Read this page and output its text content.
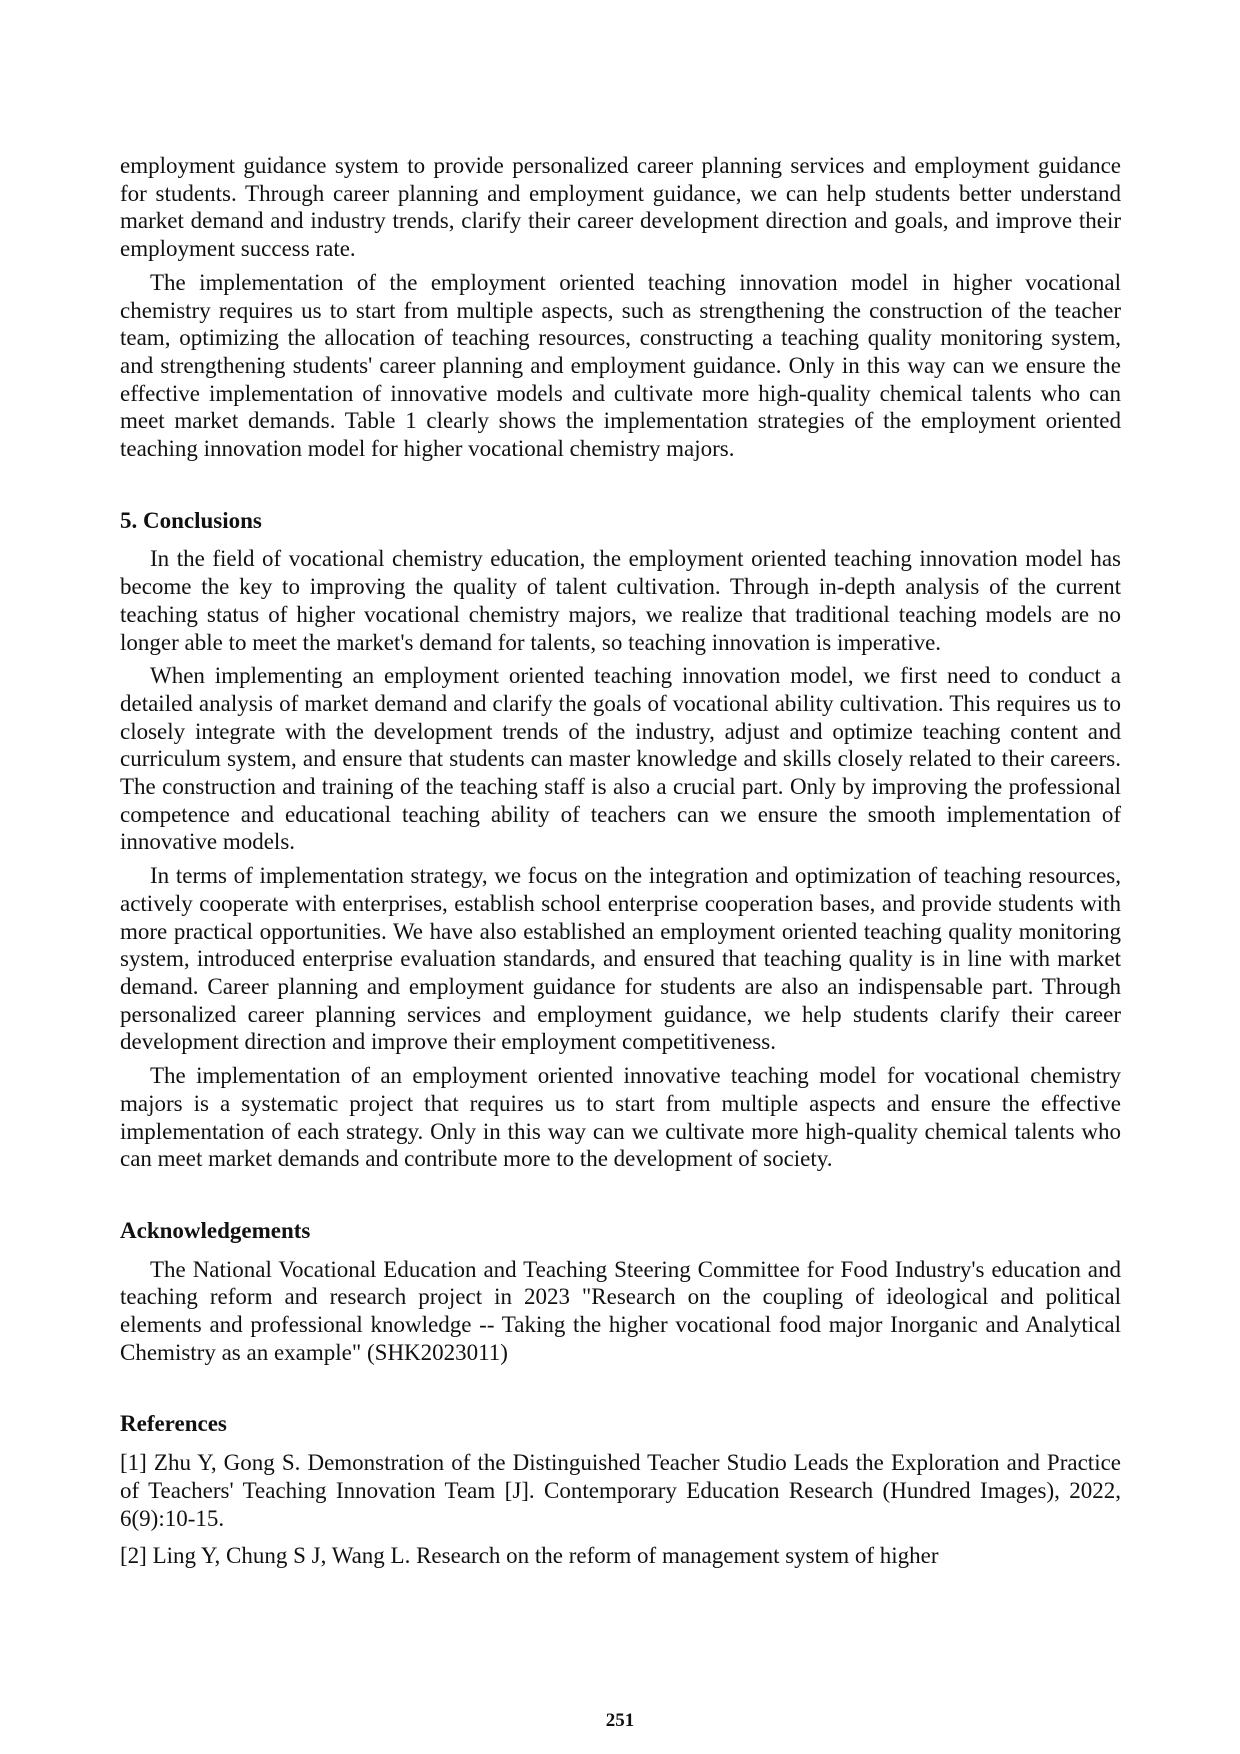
employment guidance system to provide personalized career planning services and employment guidance for students. Through career planning and employment guidance, we can help students better understand market demand and industry trends, clarify their career development direction and goals, and improve their employment success rate.

The implementation of the employment oriented teaching innovation model in higher vocational chemistry requires us to start from multiple aspects, such as strengthening the construction of the teacher team, optimizing the allocation of teaching resources, constructing a teaching quality monitoring system, and strengthening students' career planning and employment guidance. Only in this way can we ensure the effective implementation of innovative models and cultivate more high-quality chemical talents who can meet market demands. Table 1 clearly shows the implementation strategies of the employment oriented teaching innovation model for higher vocational chemistry majors.

5. Conclusions

In the field of vocational chemistry education, the employment oriented teaching innovation model has become the key to improving the quality of talent cultivation. Through in-depth analysis of the current teaching status of higher vocational chemistry majors, we realize that traditional teaching models are no longer able to meet the market's demand for talents, so teaching innovation is imperative.

When implementing an employment oriented teaching innovation model, we first need to conduct a detailed analysis of market demand and clarify the goals of vocational ability cultivation. This requires us to closely integrate with the development trends of the industry, adjust and optimize teaching content and curriculum system, and ensure that students can master knowledge and skills closely related to their careers. The construction and training of the teaching staff is also a crucial part. Only by improving the professional competence and educational teaching ability of teachers can we ensure the smooth implementation of innovative models.

In terms of implementation strategy, we focus on the integration and optimization of teaching resources, actively cooperate with enterprises, establish school enterprise cooperation bases, and provide students with more practical opportunities. We have also established an employment oriented teaching quality monitoring system, introduced enterprise evaluation standards, and ensured that teaching quality is in line with market demand. Career planning and employment guidance for students are also an indispensable part. Through personalized career planning services and employment guidance, we help students clarify their career development direction and improve their employment competitiveness.

The implementation of an employment oriented innovative teaching model for vocational chemistry majors is a systematic project that requires us to start from multiple aspects and ensure the effective implementation of each strategy. Only in this way can we cultivate more high-quality chemical talents who can meet market demands and contribute more to the development of society.

Acknowledgements

The National Vocational Education and Teaching Steering Committee for Food Industry's education and teaching reform and research project in 2023 "Research on the coupling of ideological and political elements and professional knowledge -- Taking the higher vocational food major Inorganic and Analytical Chemistry as an example" (SHK2023011)

References

[1] Zhu Y, Gong S. Demonstration of the Distinguished Teacher Studio Leads the Exploration and Practice of Teachers' Teaching Innovation Team [J]. Contemporary Education Research (Hundred Images), 2022, 6(9):10-15.

[2] Ling Y, Chung S J, Wang L. Research on the reform of management system of higher

251
